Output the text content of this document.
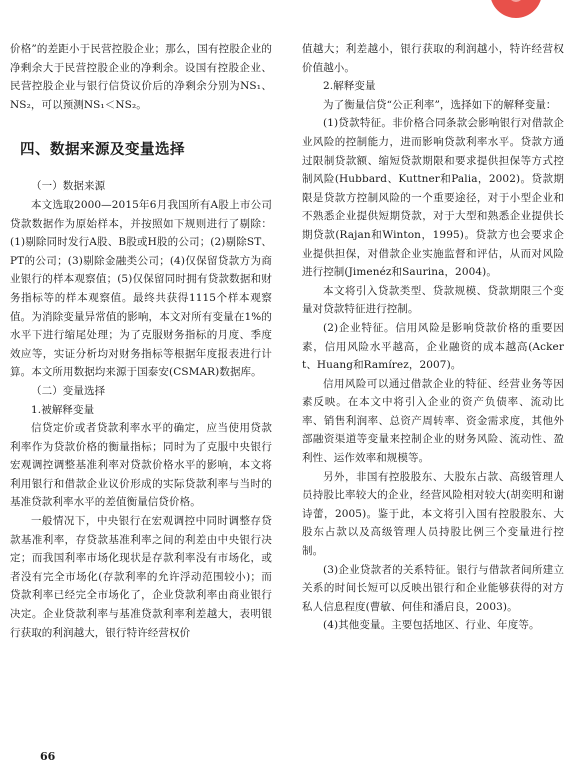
价格”的差距小于民营控股企业；那么，国有控股企业的净剩余大于民营控股企业的净剩余。设国有控股企业、民营控股企业与银行信贷议价后的净剩余分别为NS₁、NS₂，可以预测NS₁＜NS₂。

四、数据来源及变量选择

（一）数据来源

本文选取2000—2015年6月我国所有A股上市公司贷款数据作为原始样本，并按照如下规则进行了剔除：(1)剔除同时发行A股、B股或H股的公司；(2)剔除ST、PT的公司；(3)剔除金融类公司；(4)仅保留贷款方为商业银行的样本观察值；(5)仅保留同时拥有贷款数据和财务指标等的样本观察值。最终共获得1115个样本观察值。为消除变量异常值的影响，本文对所有变量在1%的水平下进行缩尾处理；为了克服财务指标的月度、季度效应等，实证分析均对财务指标等根据年度报表进行计算。本文所用数据均来源于国泰安(CSMAR)数据库。

（二）变量选择

1.被解释变量

信贷定价或者贷款利率水平的确定，应当使用贷款利率作为贷款价格的衡量指标；同时为了克服中央银行宏观调控调整基准利率对贷款价格水平的影响，本文将利用银行和借款企业议价形成的实际贷款利率与当时的基准贷款利率水平的差值衡量信贷价格。

一般情况下，中央银行在宏观调控中同时调整存贷款基准利率，存贷款基准利率之间的利差由中央银行决定；而我国利率市场化现状是存款利率没有市场化，或者没有完全市场化(存款利率的允许浮动范围较小)；而贷款利率已经完全市场化了，企业贷款利率由商业银行决定。企业贷款利率与基准贷款利率利差越大，表明银行获取的利润越大，银行特许经营权价

值越大；利差越小，银行获取的利润越小，特许经营权价值越小。

2.解释变量

为了衡量信贷“公正利率”，选择如下的解释变量：

(1)贷款特征。非价格合同条款会影响银行对借款企业风险的控制能力，进而影响贷款利率水平。贷款方通过限制贷款额、缩短贷款期限和要求提供担保等方式控制风险(Hubbard、Kuttner和Palia，2002)。贷款期限是贷款方控制风险的一个重要途径，对于小型企业和不熟悉企业提供短期贷款，对于大型和熟悉企业提供长期贷款(Rajan和Winton，1995)。贷款方也会要求企业提供担保，对借款企业实施监督和评估，从而对风险进行控制(Jimenéz和Saurina，2004)。

本文将引入贷款类型、贷款规模、贷款期限三个变量对贷款特征进行控制。

(2)企业特征。信用风险是影响贷款价格的重要因素，信用风险水平越高，企业融资的成本越高(Ackert、Huang和Ramírez，2007)。

信用风险可以通过借款企业的特征、经营业务等因素反映。在本文中将引入企业的资产负债率、流动比率、销售利润率、总资产周转率、资金需求度，其他外部融资渠道等变量来控制企业的财务风险、流动性、盈利性、运作效率和规模等。

另外，非国有控股股东、大股东占款、高级管理人员持股比率较大的企业，经营风险相对较大(胡奕明和谢诗蕾，2005)。鉴于此，本文将引入国有控股股东、大股东占款以及高级管理人员持股比例三个变量进行控制。

(3)企业贷款者的关系特征。银行与借款者间所建立关系的时间长短可以反映出银行和企业能够获得的对方私人信息程度(曹敏、何佳和潘启良，2003)。

(4)其他变量。主要包括地区、行业、年度等。

66
